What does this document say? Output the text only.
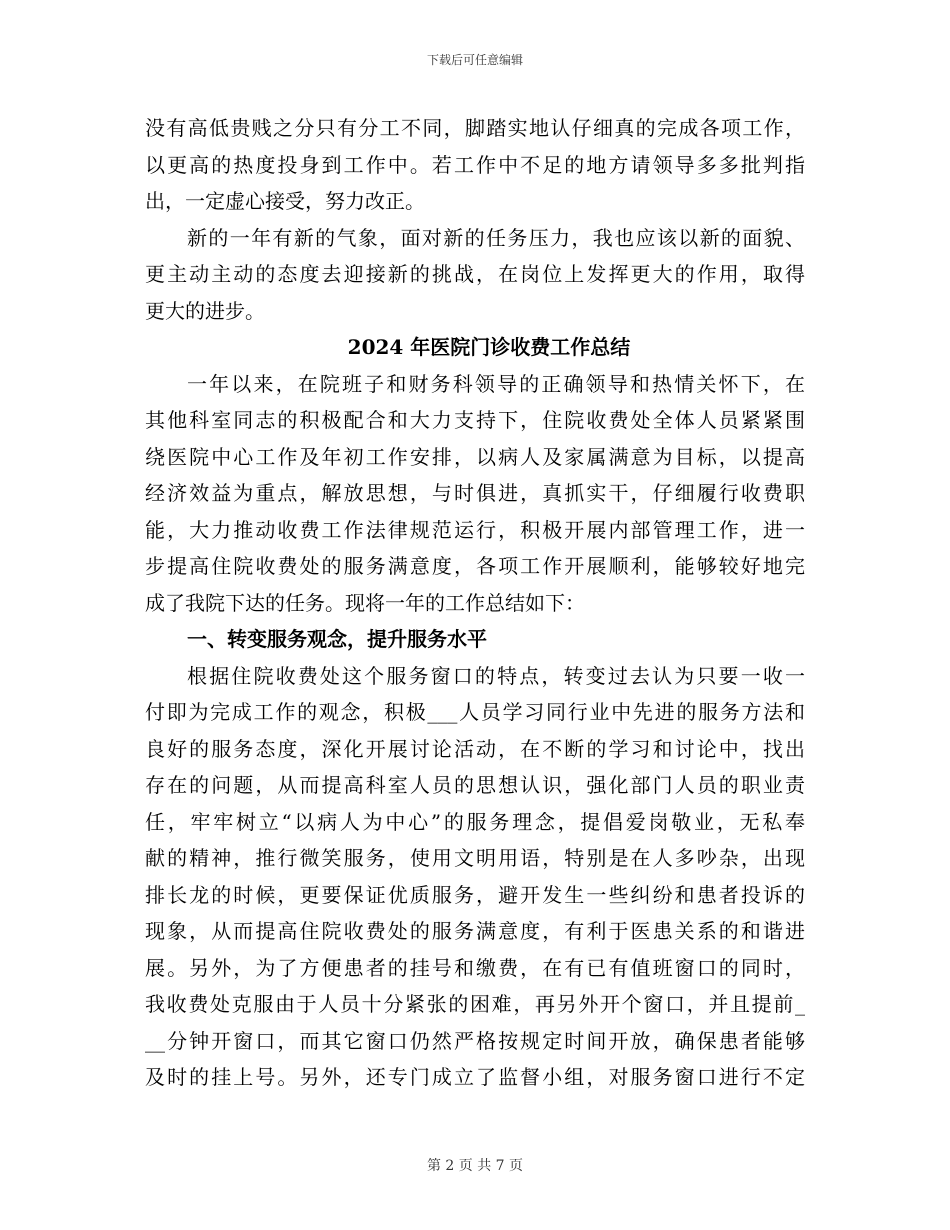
下载后可任意编辑
没有高低贵贱之分只有分工不同，脚踏实地认仔细真的完成各项工作，
以更高的热度投身到工作中。若工作中不足的地方请领导多多批判指
出，一定虚心接受，努力改正。
新的一年有新的气象，面对新的任务压力，我也应该以新的面貌、
更主动主动的态度去迎接新的挑战，在岗位上发挥更大的作用，取得
更大的进步。
2024 年医院门诊收费工作总结
一年以来，在院班子和财务科领导的正确领导和热情关怀下，在
其他科室同志的积极配合和大力支持下，住院收费处全体人员紧紧围
绕医院中心工作及年初工作安排，以病人及家属满意为目标，以提高
经济效益为重点，解放思想，与时俱进，真抓实干，仔细履行收费职
能，大力推动收费工作法律规范运行，积极开展内部管理工作，进一
步提高住院收费处的服务满意度，各项工作开展顺利，能够较好地完
成了我院下达的任务。现将一年的工作总结如下：
一、转变服务观念，提升服务水平
根据住院收费处这个服务窗口的特点，转变过去认为只要一收一
付即为完成工作的观念，积极___人员学习同行业中先进的服务方法和
良好的服务态度，深化开展讨论活动，在不断的学习和讨论中，找出
存在的问题，从而提高科室人员的思想认识，强化部门人员的职业责
任，牢牢树立“以病人为中心”的服务理念，提倡爱岗敬业，无私奉
献的精神，推行微笑服务，使用文明用语，特别是在人多吵杂，出现
排长龙的时候，更要保证优质服务，避开发生一些纠纷和患者投诉的
现象，从而提高住院收费处的服务满意度，有利于医患关系的和谐进
展。另外，为了方便患者的挂号和缴费，在有已有值班窗口的同时，
我收费处克服由于人员十分紧张的困难，再另外开个窗口，并且提前_
__分钟开窗口，而其它窗口仍然严格按规定时间开放，确保患者能够
及时的挂上号。另外，还专门成立了监督小组，对服务窗口进行不定
第 2 页 共 7 页
